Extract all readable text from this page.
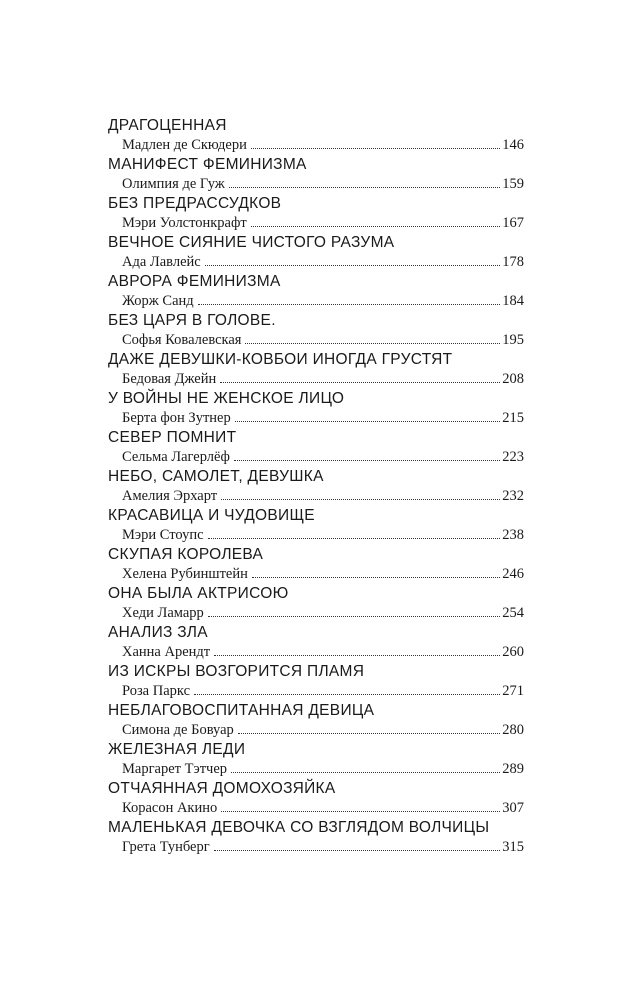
ДРАГОЦЕННАЯ
Мадлен де Скюдери	146
МАНИФЕСТ ФЕМИНИЗМА
Олимпия де Гуж	159
БЕЗ ПРЕДРАССУДКОВ
Мэри Уолстонкрафт	167
ВЕЧНОЕ СИЯНИЕ ЧИСТОГО РАЗУМА
Ада Лавлейс	178
АВРОРА ФЕМИНИЗМА
Жорж Санд	184
БЕЗ ЦАРЯ В ГОЛОВЕ.
Софья Ковалевская	195
ДАЖЕ ДЕВУШКИ-КОВБОИ ИНОГДА ГРУСТЯТ
Бедовая Джейн	208
У ВОЙНЫ НЕ ЖЕНСКОЕ ЛИЦО
Берта фон Зутнер	215
СЕВЕР ПОМНИТ
Сельма Лагерлёф	223
НЕБО, САМОЛЕТ, ДЕВУШКА
Амелия Эрхарт	232
КРАСАВИЦА И ЧУДОВИЩЕ
Мэри Стоупс	238
СКУПАЯ КОРОЛЕВА
Хелена Рубинштейн	246
ОНА БЫЛА АКТРИСОЮ
Хеди Ламарр	254
АНАЛИЗ ЗЛА
Ханна Арендт	260
ИЗ ИСКРЫ ВОЗГОРИТСЯ ПЛАМЯ
Роза Паркс	271
НЕБЛАГОВОСПИТАННАЯ ДЕВИЦА
Симона де Бовуар	280
ЖЕЛЕЗНАЯ ЛЕДИ
Маргарет Тэтчер	289
ОТЧАЯННАЯ ДОМОХОЗЯЙКА
Корасон Акино	307
МАЛЕНЬКАЯ ДЕВОЧКА СО ВЗГЛЯДОМ ВОЛЧИЦЫ
Грета Тунберг	315
